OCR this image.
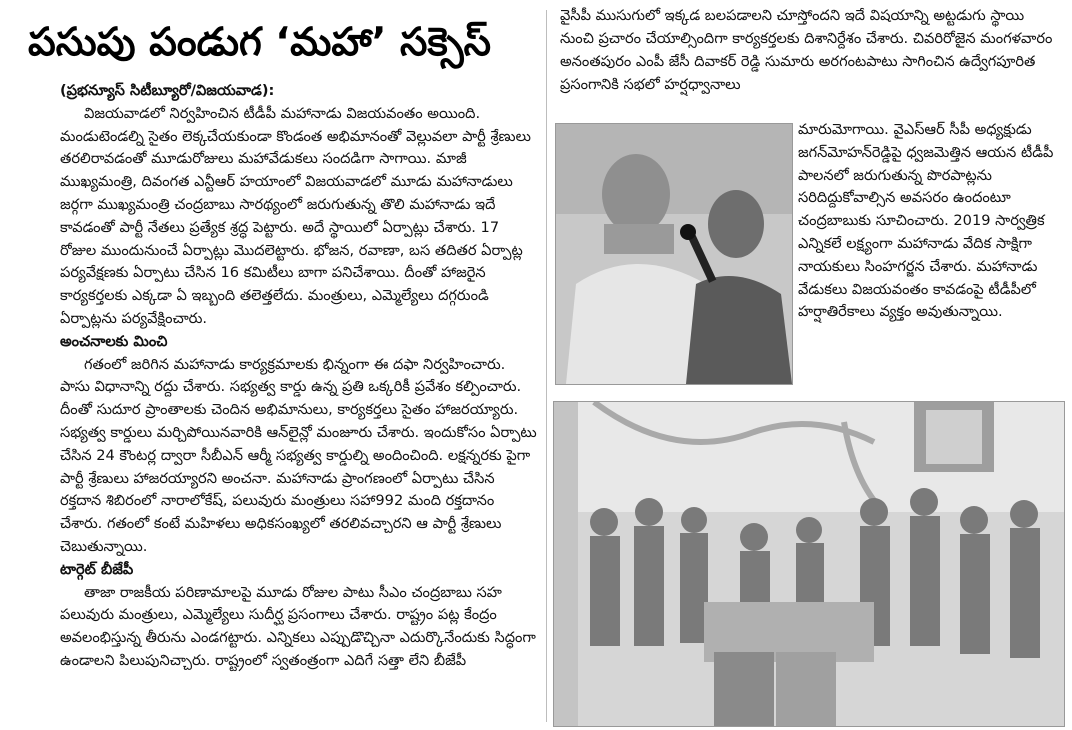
పసుపు పండుగ ‘మహా’ సక్సెస్

(ప్రభన్యూస్ సిటీబ్యూరో/విజయవాడ):

విజయవాడలో నిర్వహించిన టీడీపీ మహానాడు విజయవంతం అయింది. మండుటెండల్ని సైతం లెక్కచేయకుండా కొండంత అభిమానంతో వెల్లువలా పార్టీ శ్రేణులు తరలిరావడంతో మూడురోజులు మహావేడుకలు సందడిగా సాగాయి. మాజీ ముఖ్యమంత్రి, దివంగత ఎన్టీఆర్ హయాంలో విజయవాడలో మూడు మహానాడులు జర్గగా ముఖ్యమంత్రి చంద్రబాబు సారథ్యంలో జరుగుతున్న తొలి మహానాడు ఇదే కావడంతో పార్టీ నేతలు ప్రత్యేక శ్రద్ధ పెట్టారు. అదే స్థాయిలో ఏర్పాట్లు చేశారు. 17 రోజుల ముందునుంచే ఏర్పాట్లు మొదలెట్టారు. భోజన, రవాణా, బస తదితర ఏర్పాట్ల పర్యవేక్షణకు ఏర్పాటు చేసిన 16 కమిటీలు బాగా పనిచేశాయి. దీంతో హాజరైన కార్యకర్తలకు ఎక్కడా ఏ ఇబ్బంది తలెత్తలేదు. మంత్రులు, ఎమ్మెల్యేలు దగ్గరుండి ఏర్పాట్లను పర్యవేక్షించారు.

అంచనాలకు మించి

గతంలో జరిగిన మహానాడు కార్యక్రమాలకు భిన్నంగా ఈ దఫా నిర్వహించారు. పాసు విధానాన్ని రద్దు చేశారు. సభ్యత్వ కార్డు ఉన్న ప్రతి ఒక్కరికీ ప్రవేశం కల్పించారు. దీంతో సుదూర ప్రాంతాలకు చెందిన అభిమానులు, కార్యకర్తలు సైతం హాజరయ్యారు. సభ్యత్వ కార్డులు మర్చిపోయినవారికి ఆన్‌లైన్లో మంజూరు చేశారు. ఇందుకోసం ఏర్పాటు చేసిన 24 కౌంటర్ల ద్వారా సీబీఎన్ ఆర్మీ సభ్యత్వ కార్డుల్ని అందించింది. లక్షన్నరకు పైగా పార్టీ శ్రేణులు హాజరయ్యారని అంచనా. మహానాడు ప్రాంగణంలో ఏర్పాటు చేసిన రక్తదాన శిబిరంలో నారాలోకేష్, పలువురు మంత్రులు సహా992 మంది రక్తదానం చేశారు. గతంలో కంటే మహిళలు అధికసంఖ్యలో తరలివచ్చారని ఆ పార్టీ శ్రేణులు చెబుతున్నాయి.

టార్గెట్ బీజేపీ

తాజా రాజకీయ పరిణామాలపై మూడు రోజుల పాటు సీఎం చంద్రబాబు సహ పలువురు మంత్రులు, ఎమ్మెల్యేలు సుదీర్ఘ ప్రసంగాలు చేశారు. రాష్ట్రం పట్ల కేంద్రం అవలంభిస్తున్న తీరును ఎండగట్టారు. ఎన్నికలు ఎప్పుడొచ్చినా ఎదుర్కొనేందుకు సిద్ధంగా ఉండాలని పిలుపునిచ్చారు. రాష్ట్రంలో స్వతంత్రంగా ఎదిగే సత్తా లేని బీజేపీ

వైసీపీ ముసుగులో ఇక్కడ బలపడాలని చూస్తోందని ఇదే విషయాన్ని అట్టడుగు స్థాయి నుంచి ప్రచారం చేయాల్సిందిగా కార్యకర్తలకు దిశానిర్దేశం చేశారు. చివరిరోజైన మంగళవారం అనంతపురం ఎంపీ జేసీ దివాకర్ రెడ్డి సుమారు అరగంటపాటు సాగించిన ఉద్వేగపూరిత ప్రసంగానికి సభలో హర్షధ్వానాలు

మారుమోగాయి. వైఎస్ఆర్ సీపీ అధ్యక్షుడు జగన్‌మోహన్‌రెడ్డిపై ధ్వజమెత్తిన ఆయన టీడీపీ పాలనలో జరుగుతున్న పొరపాట్లను సరిదిద్దుకోవాల్సిన అవసరం ఉందంటూ చంద్రబాబుకు సూచించారు. 2019 సార్వత్రిక ఎన్నికలే లక్ష్యంగా మహానాడు వేదిక సాక్షిగా నాయకులు సింహగర్జన చేశారు. మహానాడు వేడుకలు విజయవంతం కావడంపై టీడీపీలో హర్షాతిరేకాలు వ్యక్తం అవుతున్నాయి.
